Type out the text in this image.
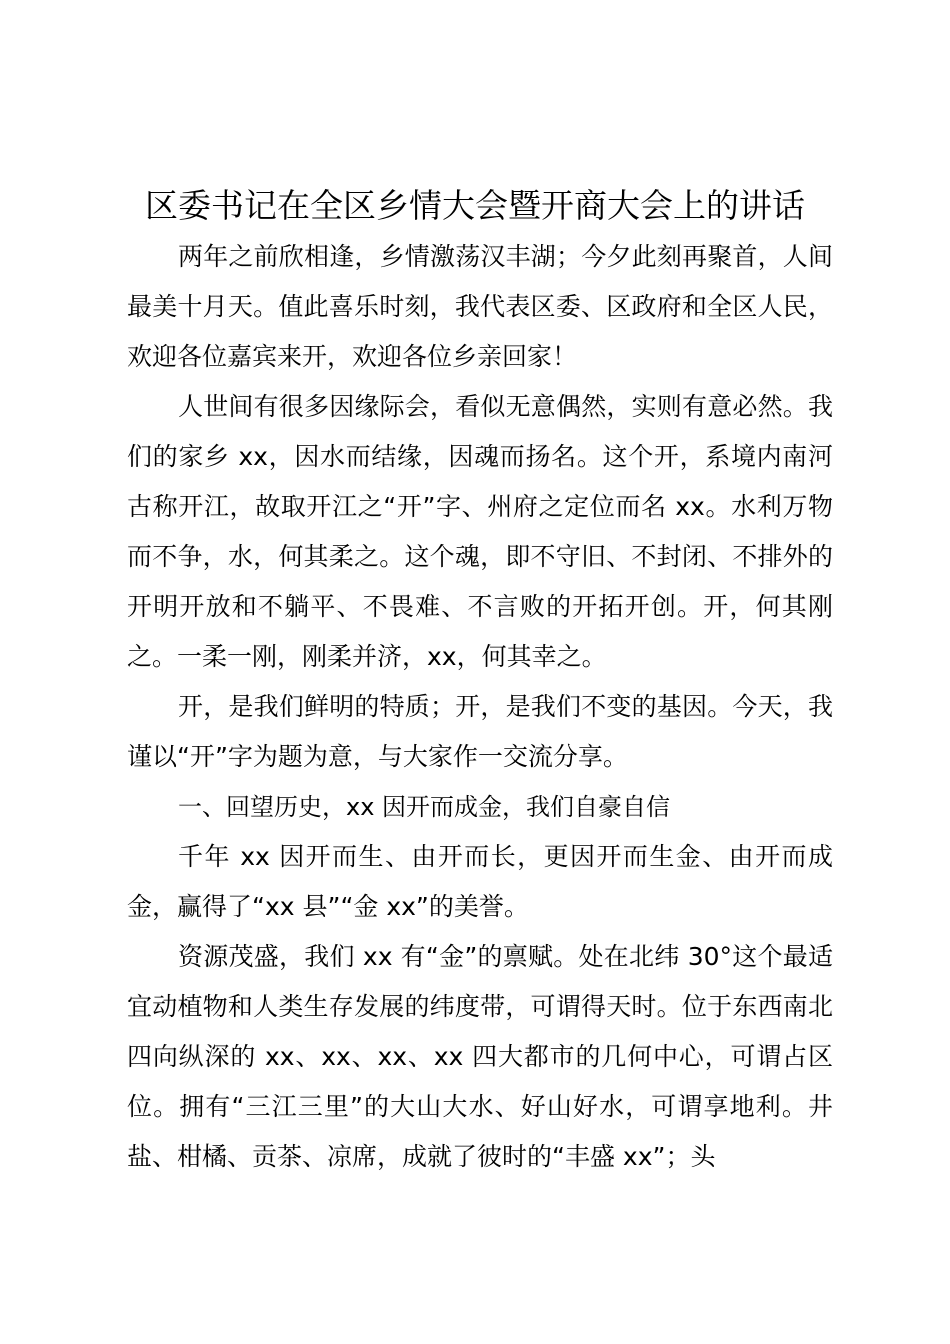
区委书记在全区乡情大会暨开商大会上的讲话

两年之前欣相逢，乡情激荡汉丰湖；今夕此刻再聚首，人间最美十月天。值此喜乐时刻，我代表区委、区政府和全区人民，欢迎各位嘉宾来开，欢迎各位乡亲回家！

人世间有很多因缘际会，看似无意偶然，实则有意必然。我们的家乡 xx，因水而结缘，因魂而扬名。这个开，系境内南河古称开江，故取开江之“开”字、州府之定位而名 xx。水利万物而不争，水，何其柔之。这个魂，即不守旧、不封闭、不排外的开明开放和不躺平、不畏难、不言败的开拓开创。开，何其刚之。一柔一刚，刚柔并济，xx，何其幸之。

开，是我们鲜明的特质；开，是我们不变的基因。今天，我谨以“开”字为题为意，与大家作一交流分享。

一、回望历史，xx 因开而成金，我们自豪自信

千年 xx 因开而生、由开而长，更因开而生金、由开而成金，赢得了“xx 县”“金 xx”的美誉。

资源茂盛，我们 xx 有“金”的禀赋。处在北纬 30°这个最适宜动植物和人类生存发展的纬度带，可谓得天时。位于东西南北四向纵深的 xx、xx、xx、xx 四大都市的几何中心，可谓占区位。拥有“三江三里”的大山大水、好山好水，可谓享地利。井盐、柑橘、贡茶、凉席，成就了彼时的“丰盛 xx”；头
